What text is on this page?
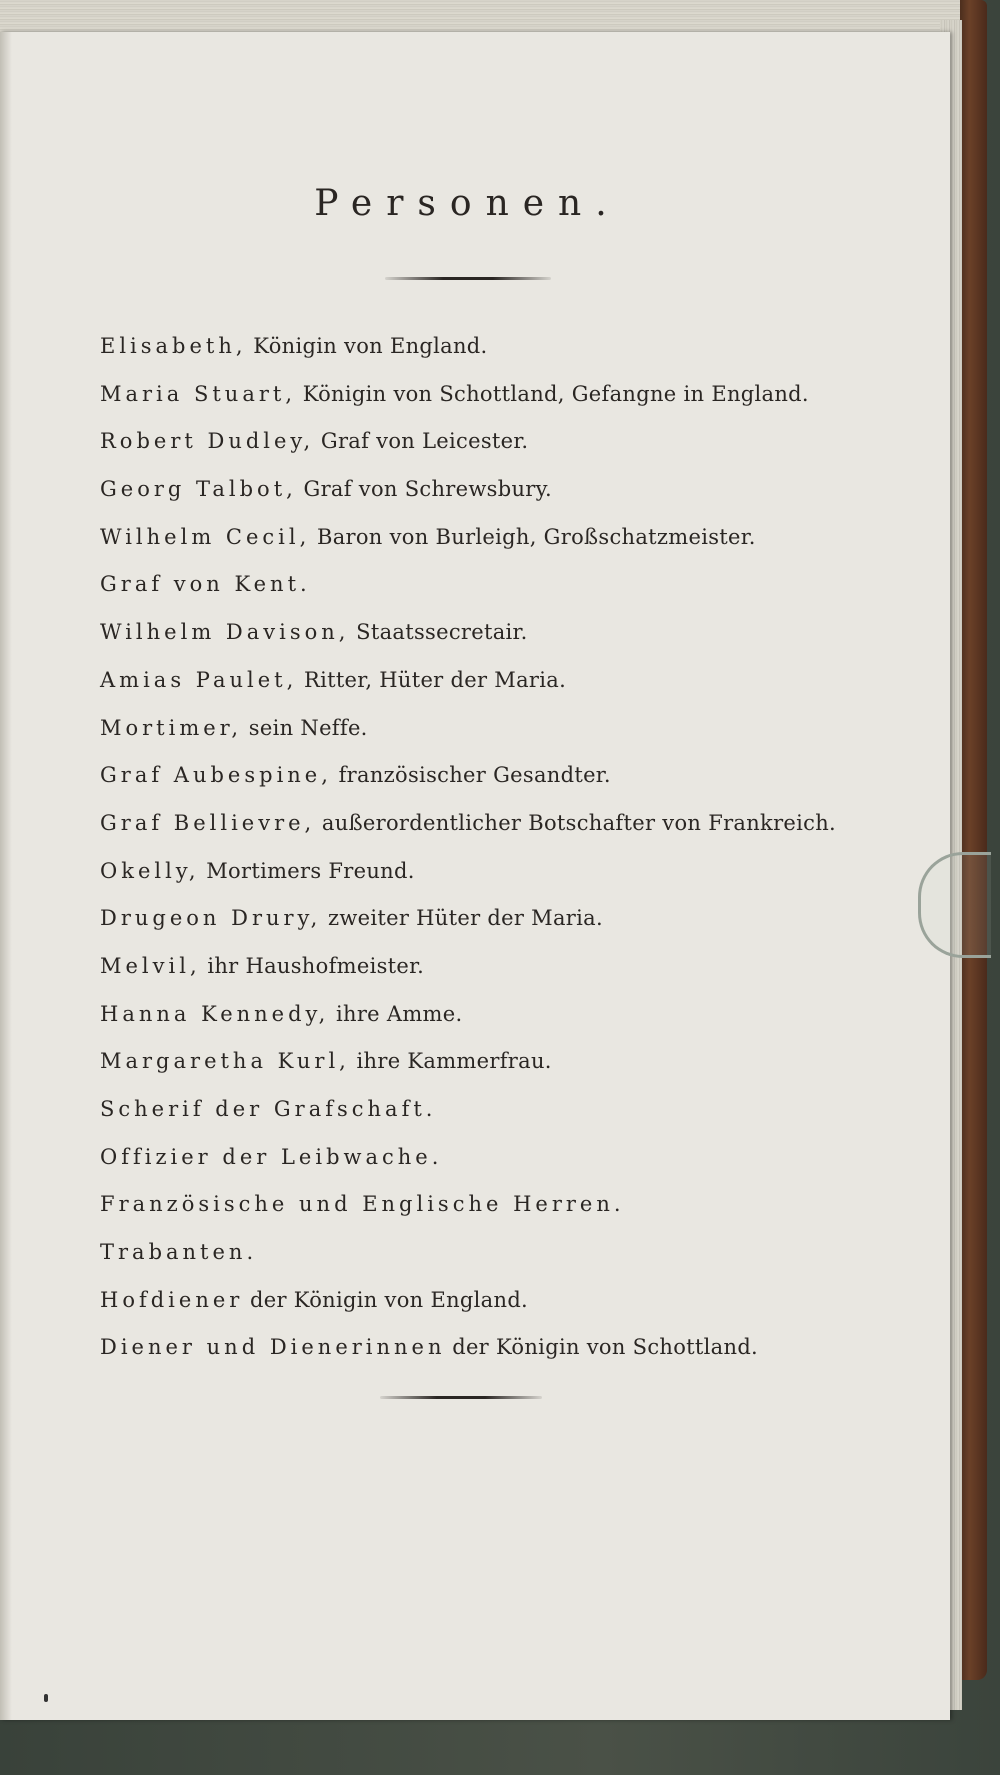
Personen.
Elisabeth, Königin von England.
Maria Stuart, Königin von Schottland, Gefangne in England.
Robert Dudley, Graf von Leicester.
Georg Talbot, Graf von Schrewsbury.
Wilhelm Cecil, Baron von Burleigh, Großschatzmeister.
Graf von Kent.
Wilhelm Davison, Staatssecretair.
Amias Paulet, Ritter, Hüter der Maria.
Mortimer, sein Neffe.
Graf Aubespine, französischer Gesandter.
Graf Bellievre, außerordentlicher Botschafter von Frankreich.
Okelly, Mortimers Freund.
Drugeon Drury, zweiter Hüter der Maria.
Melvil, ihr Haushofmeister.
Hanna Kennedy, ihre Amme.
Margaretha Kurl, ihre Kammerfrau.
Scherif der Grafschaft.
Offizier der Leibwache.
Französische und Englische Herren.
Trabanten.
Hofdiener der Königin von England.
Diener und Dienerinnen der Königin von Schottland.
